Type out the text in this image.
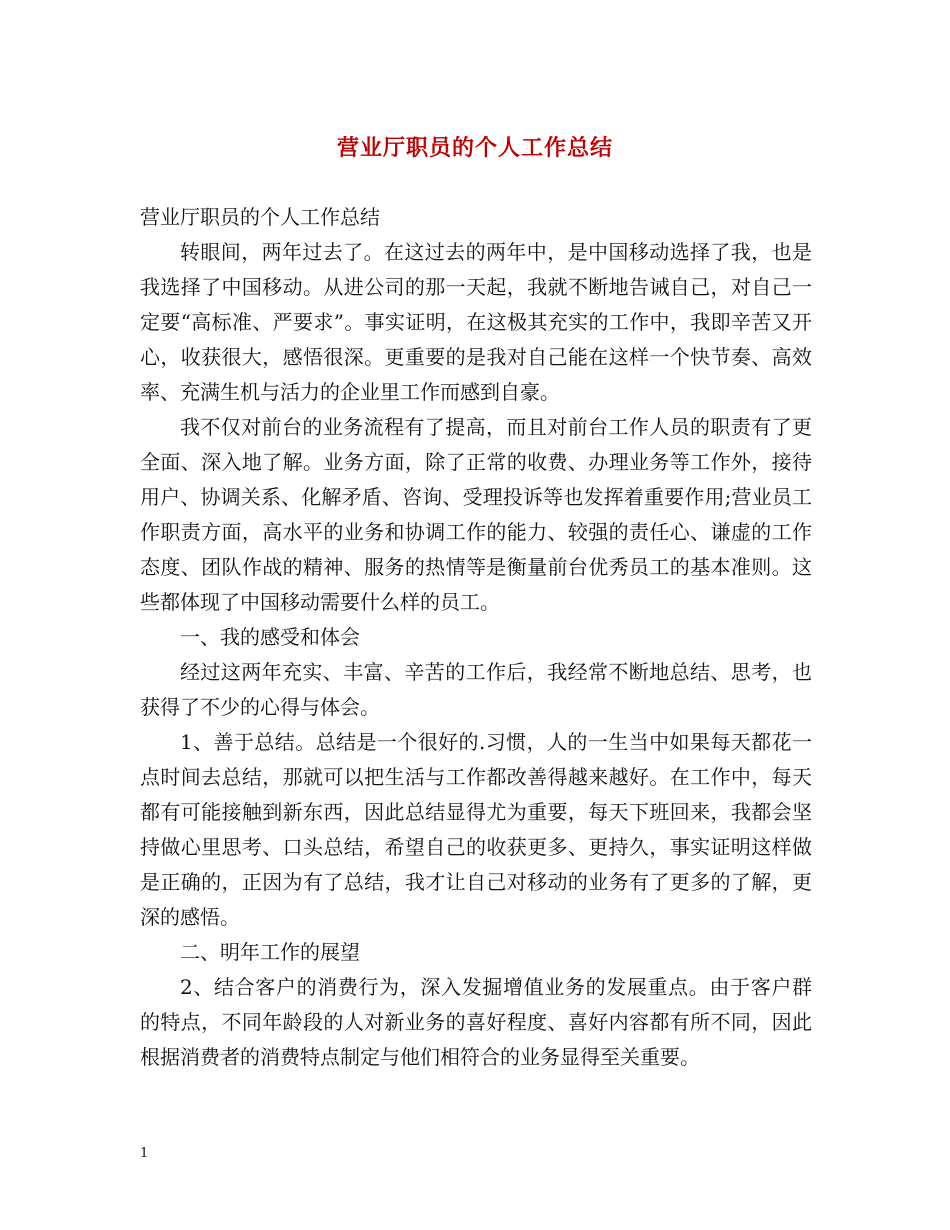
营业厅职员的个人工作总结

营业厅职员的个人工作总结

转眼间，两年过去了。在这过去的两年中，是中国移动选择了我，也是我选择了中国移动。从进公司的那一天起，我就不断地告诫自己，对自己一定要“高标准、严要求”。事实证明，在这极其充实的工作中，我即辛苦又开心，收获很大，感悟很深。更重要的是我对自己能在这样一个快节奏、高效率、充满生机与活力的企业里工作而感到自豪。

我不仅对前台的业务流程有了提高，而且对前台工作人员的职责有了更全面、深入地了解。业务方面，除了正常的收费、办理业务等工作外，接待用户、协调关系、化解矛盾、咨询、受理投诉等也发挥着重要作用;营业员工作职责方面，高水平的业务和协调工作的能力、较强的责任心、谦虚的工作态度、团队作战的精神、服务的热情等是衡量前台优秀员工的基本准则。这些都体现了中国移动需要什么样的员工。

一、我的感受和体会

经过这两年充实、丰富、辛苦的工作后，我经常不断地总结、思考，也获得了不少的心得与体会。

1、善于总结。总结是一个很好的.习惯，人的一生当中如果每天都花一点时间去总结，那就可以把生活与工作都改善得越来越好。在工作中，每天都有可能接触到新东西，因此总结显得尤为重要，每天下班回来，我都会坚持做心里思考、口头总结，希望自己的收获更多、更持久，事实证明这样做是正确的，正因为有了总结，我才让自己对移动的业务有了更多的了解，更深的感悟。

二、明年工作的展望

2、结合客户的消费行为，深入发掘增值业务的发展重点。由于客户群的特点，不同年龄段的人对新业务的喜好程度、喜好内容都有所不同，因此根据消费者的消费特点制定与他们相符合的业务显得至关重要。

1
